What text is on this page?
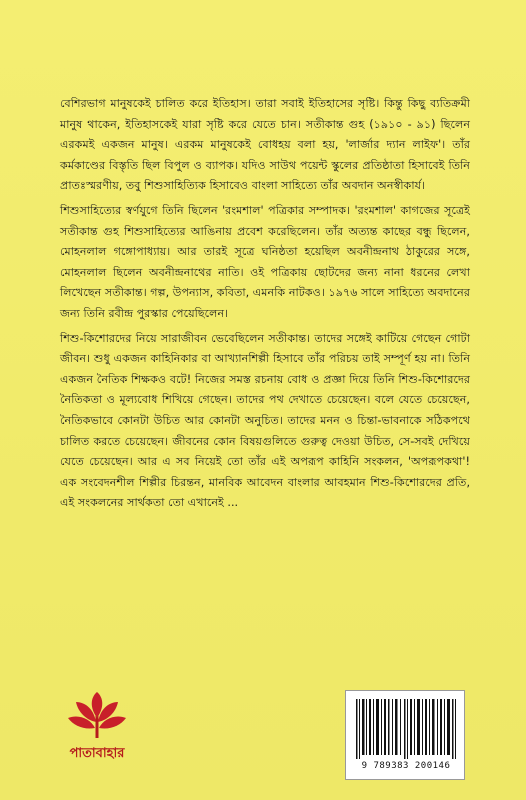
বেশিরভাগ মানুষকেই চালিত করে ইতিহাস। তারা সবাই ইতিহাসের সৃষ্টি। কিন্তু কিছু ব্যতিক্রমী মানুষ থাকেন, ইতিহাসকেই যারা সৃষ্টি করে যেতে চান। সতীকান্ত গুহ (১৯১০ - ৯১) ছিলেন এরকমই একজন মানুষ। এরকম মানুষকেই বোধহয় বলা হয়, 'লার্জার দ্যান লাইফ'। তাঁর কর্মকাণ্ডের বিস্তৃতি ছিল বিপুল ও ব্যাপক। যদিও সাউথ পয়েন্ট স্কুলের প্রতিষ্ঠাতা হিসাবেই তিনি প্রাতঃস্মরণীয়, তবু শিশুসাহিত্যিক হিসাবেও বাংলা সাহিত্যে তাঁর অবদান অনস্বীকার্য।

শিশুসাহিত্যের স্বর্ণযুগে তিনি ছিলেন 'রংমশাল' পত্রিকার সম্পাদক। 'রংমশাল' কাগজের সূত্রেই সতীকান্ত গুহ শিশুসাহিত্যের আঙিনায় প্রবেশ করেছিলেন। তাঁর অত্যন্ত কাছের বন্ধু ছিলেন, মোহনলাল গঙ্গোপাধ্যায়। আর তারই সূত্রে ঘনিষ্ঠতা হয়েছিল অবনীন্দ্রনাথ ঠাকুরের সঙ্গে, মোহনলাল ছিলেন অবনীন্দ্রনাথের নাতি। ওই পত্রিকায় ছোটদের জন্য নানা ধরনের লেখা লিখেছেন সতীকান্ত। গল্প, উপন্যাস, কবিতা, এমনকি নাটকও। ১৯৭৬ সালে সাহিত্যে অবদানের জন্য তিনি রবীন্দ্র পুরস্কার পেয়েছিলেন।

শিশু-কিশোরদের নিয়ে সারাজীবন ভেবেছিলেন সতীকান্ত। তাদের সঙ্গেই কাটিয়ে গেছেন গোটা জীবন। শুধু একজন কাহিনিকার বা আখ্যানশিল্পী হিসাবে তাঁর পরিচয় তাই সম্পূর্ণ হয় না। তিনি একজন নৈতিক শিক্ষকও বটে! নিজের সমস্ত রচনায় বোধ ও প্রজ্ঞা দিয়ে তিনি শিশু-কিশোরদের নৈতিকতা ও মূল্যবোধ শিখিয়ে গেছেন। তাদের পথ দেখাতে চেয়েছেন। বলে যেতে চেয়েছেন, নৈতিকভাবে কোনটা উচিত আর কোনটা অনুচিত। তাদের মনন ও চিন্তা-ভাবনাকে সঠিকপথে চালিত করতে চেয়েছেন। জীবনের কোন বিষয়গুলিতে গুরুত্ব দেওয়া উচিত, সে-সবই দেখিয়ে যেতে চেয়েছেন। আর এ সব নিয়েই তো তাঁর এই অপরূপ কাহিনি সংকলন, 'অপরূপকথা'! এক সংবেদনশীল শিল্পীর চিরন্তন, মানবিক আবেদন বাংলার আবহমান শিশু-কিশোরদের প্রতি, এই সংকলনের সার্থকতা তো এখানেই ...

পাতাবাহার
9 789383 200146
